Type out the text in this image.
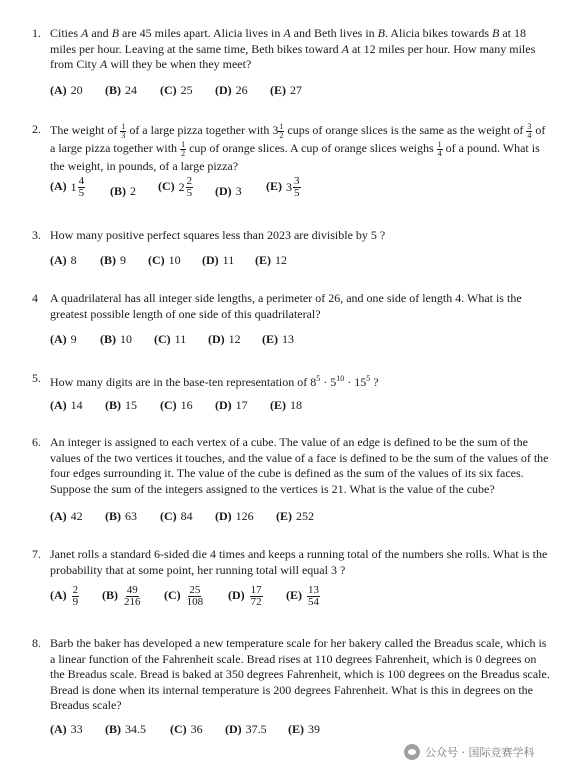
1. Cities A and B are 45 miles apart. Alicia lives in A and Beth lives in B. Alicia bikes towards B at 18 miles per hour. Leaving at the same time, Beth bikes toward A at 12 miles per hour. How many miles from City A will they be when they meet?

(A) 20 (B) 24 (C) 25 (D) 26 (E) 27
2. The weight of $\frac{1}{3}$ of a large pizza together with $3 \frac{1}{2}$ cups of orange slices is the same as the weight of $\frac{3}{4}$ of a large pizza together with $\frac{1}{2}$ cup of orange slices. A cup of orange slices weighs $\frac{1}{4}$ of a pound. What is the weight, in pounds, of a large pizza?

(A) $1 \frac{4}{5} (B)$ 2 (C) $2 \frac{2}{5} (D)$ 3 (E) $3 \frac{3}{5}$
3. How many positive perfect squares less than 2023 are divisible by 5 ?

(A) 8 (B) 9 (C) 10 (D) 11 (E) 12
4 A quadrilateral has all integer side lengths, a perimeter of 26, and one side of length 4. What is the greatest possible length of one side of this quadrilateral?

(A) 9 (B) 10 (C) 11 (D) 12 (E) 13
5. How many digits are in the base-ten representation of $8^5 \cdot 5^{10} \cdot 15^5$ ?

(A) 14 (B) 15 (C) 16 (D) 17 (E) 18
6. An integer is assigned to each vertex of a cube. The value of an edge is defined to be the sum of the values of the two vertices it touches, and the value of a face is defined to be the sum of the values of the four edges surrounding it. The value of the cube is defined as the sum of the values of its six faces. Suppose the sum of the integers assigned to the vertices is 21. What is the value of the cube?

(A) 42 (B) 63 (C) 84 (D) 126 (E) 252
7. Janet rolls a standard 6-sided die 4 times and keeps a running total of the numbers she rolls. What is the probability that at some point, her running total will equal 3 ?

$(A) \frac{2}{9} (B) \frac{49}{216} (C) \frac{25}{108} (D) \frac{17}{72} (E) \frac{13}{54}$
8. Barb the baker has developed a new temperature scale for her bakery called the Breadus scale, which is a linear function of the Fahrenheit scale. Bread rises at 110 degrees Fahrenheit, which is 0 degrees on the Breadus scale. Bread is baked at 350 degrees Fahrenheit, which is 100 degrees on the Breadus scale. Bread is done when its internal temperature is 200 degrees Fahrenheit. What is this in degrees on the Breadus scale?

(A) 33 (B) 34.5 (C) 36 (D) 37.5 (E) 39
公众号 · 国际竞赛学科
